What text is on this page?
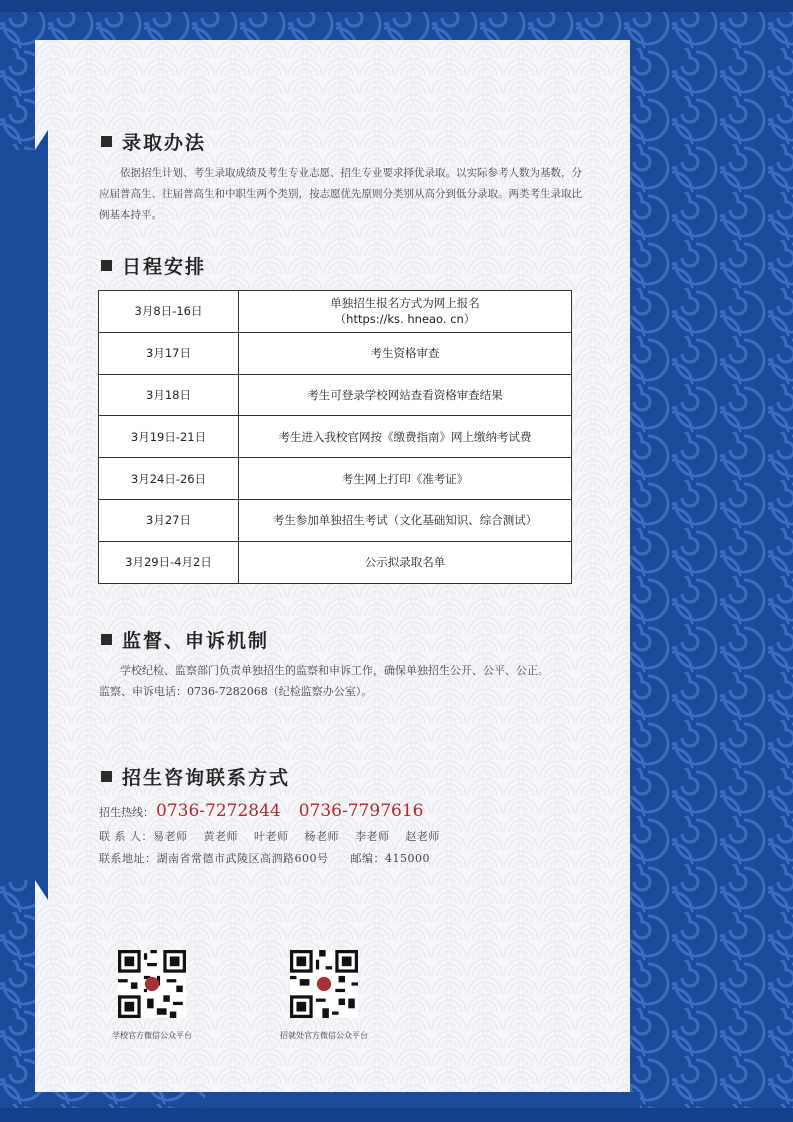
录取办法
依据招生计划、考生录取成绩及考生专业志愿、招生专业要求择优录取。以实际参考人数为基数，分应届普高生、往届普高生和中职生两个类别，按志愿优先原则分类别从高分到低分录取。两类考生录取比例基本持平。
日程安排
3月8日-16日	单独招生报名方式为网上报名
（https://ks. hneao. cn）

3月17日	考生资格审查
3月18日	考生可登录学校网站查看资格审查结果
3月19日-21日	考生进入我校官网按《缴费指南》网上缴纳考试费
3月24日-26日	考生网上打印《准考证》
3月27日	考生参加单独招生考试（文化基础知识、综合测试）
3月29日-4月2日	公示拟录取名单
监督、申诉机制
学校纪检、监察部门负责单独招生的监察和申诉工作，确保单独招生公开、公平、公正。
监察、申诉电话：0736-7282068（纪检监察办公室）。
招生咨询联系方式
招生热线： 0736-7272844 0736-7797616
联 系 人：易老师    黄老师    叶老师    杨老师    李老师    赵老师
联系地址：湖南省常德市武陵区高泗路600号 邮编：415000
学校官方微信公众平台	招就处官方微信公众平台
